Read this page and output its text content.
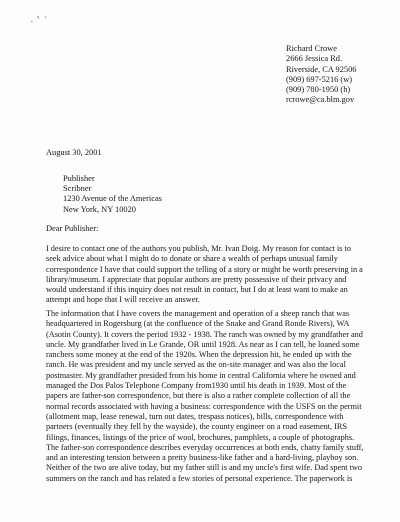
· ʼ ·
Richard Crowe
2666 Jessica Rd.
Riverside, CA 92506
(909) 697-5216 (w)
(909) 780-1950 (h)
rcrowe@ca.blm.gov
August 30, 2001
Publisher
Scribner
1230 Avenue of the Americas
New York, NY 10020
Dear Publisher:
I desire to contact one of the authors you publish, Mr. Ivan Doig. My reason for contact is to
seek advice about what I might do to donate or share a wealth of perhaps unusual family
correspondence I have that could support the telling of a story or might be worth preserving in a
library/museum. I appreciate that popular authors are pretty possessive of their privacy and
would understand if this inquiry does not result in contact, but I do at least want to make an
attempt and hope that I will receive an answer.
The information that I have covers the management and operation of a sheep ranch that was
headquartered in Rogersburg (at the confluence of the Snake and Grand Ronde Rivers), WA
(Asotin County). It covers the period 1932 - 1938. The ranch was owned by my grandfather and
uncle. My grandfather lived in Le Grande, OR until 1928. As near as I can tell, he loaned some
ranchers some money at the end of the 1920s. When the depression hit, he ended up with the
ranch. He was president and my uncle served as the on-site manager and was also the local
postmaster. My grandfather presided from his home in central California where he owned and
managed the Dos Palos Telephone Company from1930 until his death in 1939. Most of the
papers are father-son correspondence, but there is also a rather complete collection of all the
normal records associated with having a business: correspondence with the USFS on the permit
(allotment map, lease renewal, turn out dates, trespass notices), bills, correspondence with
partners (eventually they fell by the wayside), the county engineer on a road easement, IRS
filings, finances, listings of the price of wool, brochures, pamphlets, a couple of photographs.
The father-son correspondence describes everyday occurrences at both ends, chatty family stuff,
and an interesting tension between a pretty business-like father and a hard-living, playboy son.
Neither of the two are alive today, but my father still is and my uncle's first wife. Dad spent two
summers on the ranch and has related a few stories of personal experience. The paperwork is
